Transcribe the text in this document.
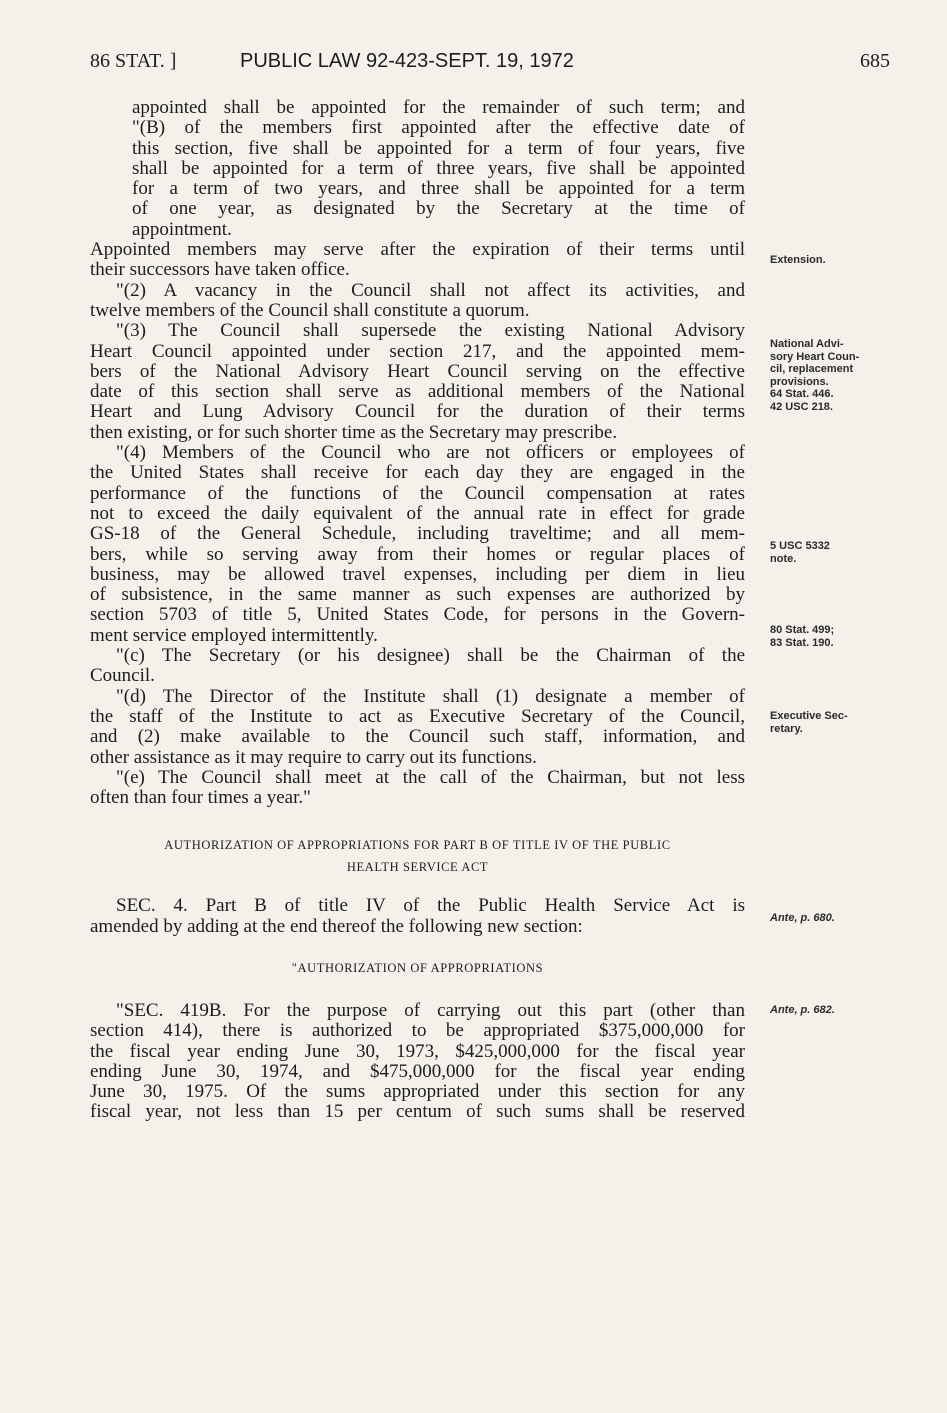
86 STAT. ]	PUBLIC LAW 92-423-SEPT. 19, 1972	685

appointed shall be appointed for the remainder of such term; and

"(B) of the members first appointed after the effective date of

this section, five shall be appointed for a term of four years, five

shall be appointed for a term of three years, five shall be appointed

for a term of two years, and three shall be appointed for a term

of one year, as designated by the Secretary at the time of

appointment.

Appointed members may serve after the expiration of their terms until

their successors have taken office.

"(2) A vacancy in the Council shall not affect its activities, and

twelve members of the Council shall constitute a quorum.

"(3) The Council shall supersede the existing National Advisory

Heart Council appointed under section 217, and the appointed mem-

bers of the National Advisory Heart Council serving on the effective

date of this section shall serve as additional members of the National

Heart and Lung Advisory Council for the duration of their terms

then existing, or for such shorter time as the Secretary may prescribe.

"(4) Members of the Council who are not officers or employees of

the United States shall receive for each day they are engaged in the

performance of the functions of the Council compensation at rates

not to exceed the daily equivalent of the annual rate in effect for grade

GS-18 of the General Schedule, including traveltime; and all mem-

bers, while so serving away from their homes or regular places of

business, may be allowed travel expenses, including per diem in lieu

of subsistence, in the same manner as such expenses are authorized by

section 5703 of title 5, United States Code, for persons in the Govern-

ment service employed intermittently.

"(c) The Secretary (or his designee) shall be the Chairman of the

Council.

"(d) The Director of the Institute shall (1) designate a member of

the staff of the Institute to act as Executive Secretary of the Council,

and (2) make available to the Council such staff, information, and

other assistance as it may require to carry out its functions.

"(e) The Council shall meet at the call of the Chairman, but not less

often than four times a year."

AUTHORIZATION OF APPROPRIATIONS FOR PART B OF TITLE IV OF THE PUBLIC

HEALTH SERVICE ACT

SEC. 4. Part B of title IV of the Public Health Service Act is

amended by adding at the end thereof the following new section:

"AUTHORIZATION OF APPROPRIATIONS

"SEC. 419B. For the purpose of carrying out this part (other than

section 414), there is authorized to be appropriated $375,000,000 for

the fiscal year ending June 30, 1973, $425,000,000 for the fiscal year

ending June 30, 1974, and $475,000,000 for the fiscal year ending

June 30, 1975. Of the sums appropriated under this section for any

fiscal year, not less than 15 per centum of such sums shall be reserved

Extension.
National Advi-
sory Heart Coun-
cil, replacement
provisions.
64 Stat. 446.
42 USC 218.
5 USC 5332
note.
80 Stat. 499;
83 Stat. 190.
Executive Sec-
retary.
Ante, p. 680.
Ante, p. 682.
